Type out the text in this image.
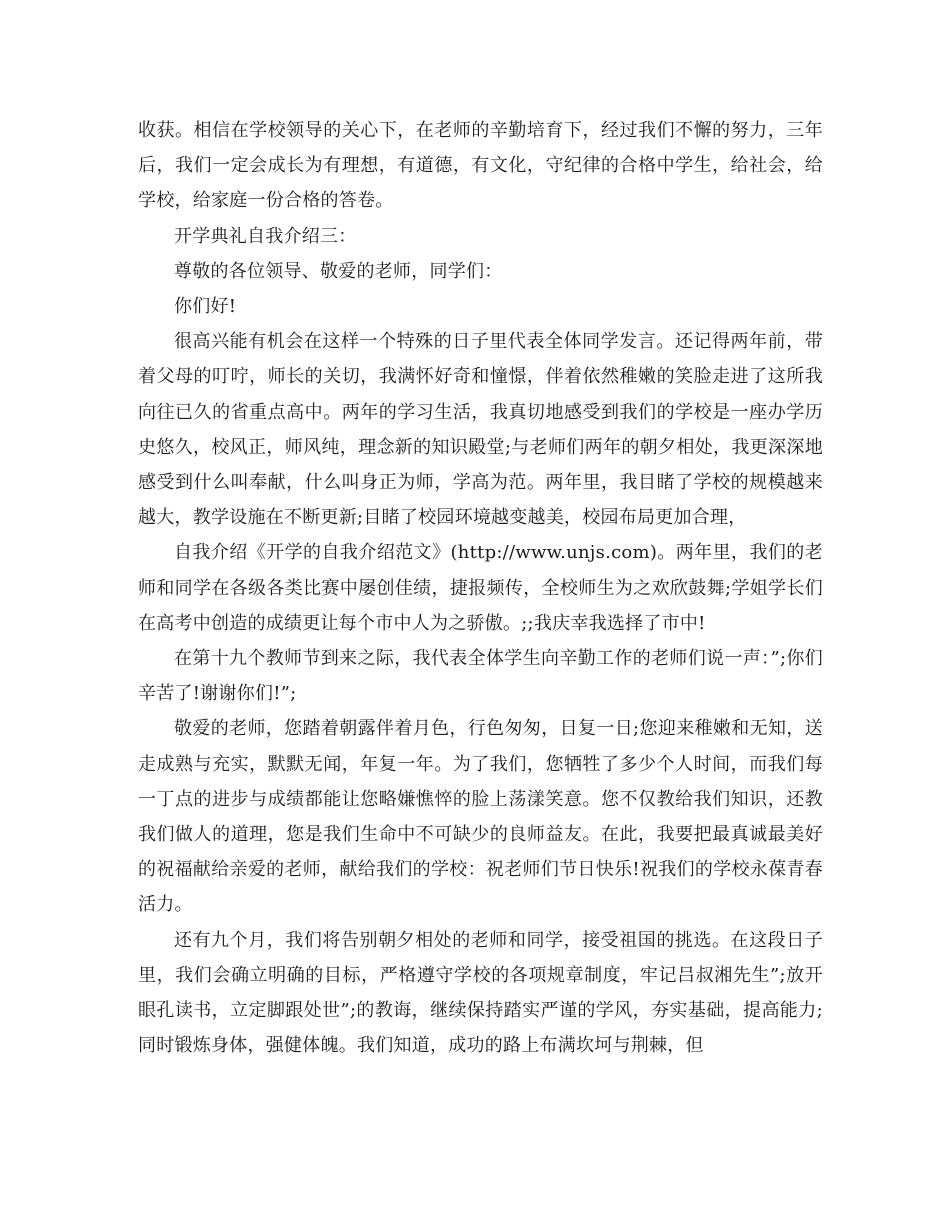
收获。相信在学校领导的关心下，在老师的辛勤培育下，经过我们不懈的努力，三年后，我们一定会成长为有理想，有道德，有文化，守纪律的合格中学生，给社会，给学校，给家庭一份合格的答卷。

开学典礼自我介绍三：

尊敬的各位领导、敬爱的老师，同学们：

你们好!

很高兴能有机会在这样一个特殊的日子里代表全体同学发言。还记得两年前，带着父母的叮咛，师长的关切，我满怀好奇和憧憬，伴着依然稚嫩的笑脸走进了这所我向往已久的省重点高中。两年的学习生活，我真切地感受到我们的学校是一座办学历史悠久，校风正，师风纯，理念新的知识殿堂;与老师们两年的朝夕相处，我更深深地感受到什么叫奉献，什么叫身正为师，学高为范。两年里，我目睹了学校的规模越来越大，教学设施在不断更新;目睹了校园环境越变越美，校园布局更加合理，

自我介绍《开学的自我介绍范文》(http://www.unjs.com)。两年里，我们的老师和同学在各级各类比赛中屡创佳绩，捷报频传，全校师生为之欢欣鼓舞;学姐学长们在高考中创造的成绩更让每个市中人为之骄傲。;;我庆幸我选择了市中!

在第十九个教师节到来之际，我代表全体学生向辛勤工作的老师们说一声：”;你们辛苦了!谢谢你们!”;

敬爱的老师，您踏着朝露伴着月色，行色匆匆，日复一日;您迎来稚嫩和无知，送走成熟与充实，默默无闻，年复一年。为了我们，您牺牲了多少个人时间，而我们每一丁点的进步与成绩都能让您略嫌憔悴的脸上荡漾笑意。您不仅教给我们知识，还教我们做人的道理，您是我们生命中不可缺少的良师益友。在此，我要把最真诚最美好的祝福献给亲爱的老师，献给我们的学校：祝老师们节日快乐!祝我们的学校永葆青春活力。

还有九个月，我们将告别朝夕相处的老师和同学，接受祖国的挑选。在这段日子里，我们会确立明确的目标，严格遵守学校的各项规章制度，牢记吕叔湘先生”;放开眼孔读书，立定脚跟处世”;的教诲，继续保持踏实严谨的学风，夯实基础，提高能力;同时锻炼身体，强健体魄。我们知道，成功的路上布满坎坷与荆棘，但
